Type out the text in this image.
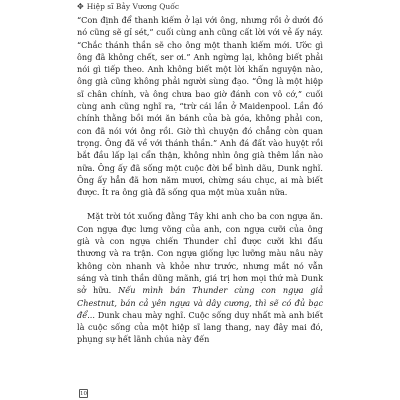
✥ Hiệp sĩ Bảy Vương Quốc

“Con định để thanh kiếm ở lại với ông, nhưng rồi ở dưới đó nó cũng sẽ gỉ sét,” cuối cùng anh cũng cất lời với vẻ ấy náy. “Chắc thánh thần sẽ cho ông một thanh kiếm mới. Ước gì ông đã không chết, ser ơi.” Anh ngừng lại, không biết phải nói gì tiếp theo. Anh không biết một lời khấn nguyện nào, ông già cũng không phải người sùng đạo. “Ông là một hiệp sĩ chân chính, và ông chưa bao giờ đánh con vô cớ,” cuối cùng anh cũng nghĩ ra, “trừ cái lần ở Maidenpool. Lần đó chính thằng bồi mới ăn bánh của bà góa, không phải con, con đã nói với ông rồi. Giờ thì chuyện đó chẳng còn quan trọng. Ông đã về với thánh thần.” Anh đá đất vào huyệt rồi bắt đầu lấp lại cẩn thận, không nhìn ông già thêm lần nào nữa. Ông ấy đã sống một cuộc đời bể bình dãu, Dunk nghĩ. Ông ấy hẳn đã hơn năm mươi, chừng sáu chục, ai mà biết được. Ít ra ông già đã sống qua một mùa xuân nữa.

Mặt trời tót xuống đằng Tây khi anh cho ba con ngựa ăn. Con ngựa đực lưng võng của anh, con ngựa cưỡi của ông già và con ngựa chiến Thunder chỉ được cưỡi khi đấu thương và ra trận. Con ngựa giống lực lưỡng màu nâu này không còn nhanh và khỏe như trước, nhưng mắt nó vẫn sáng và tinh thần dũng mãnh, giá trị hơn mọi thứ mà Dunk sở hữu. Nếu mình bán Thunder cùng con ngựa giả Chestnut, bán cả yên ngựa và dây cương, thì sẽ có đủ bạc để... Dunk chau mày nghĩ. Cuộc sống duy nhất mà anh biết là cuộc sống của một hiệp sĩ lang thang, nay đây mai đó, phụng sự hết lãnh chúa này đến

10
